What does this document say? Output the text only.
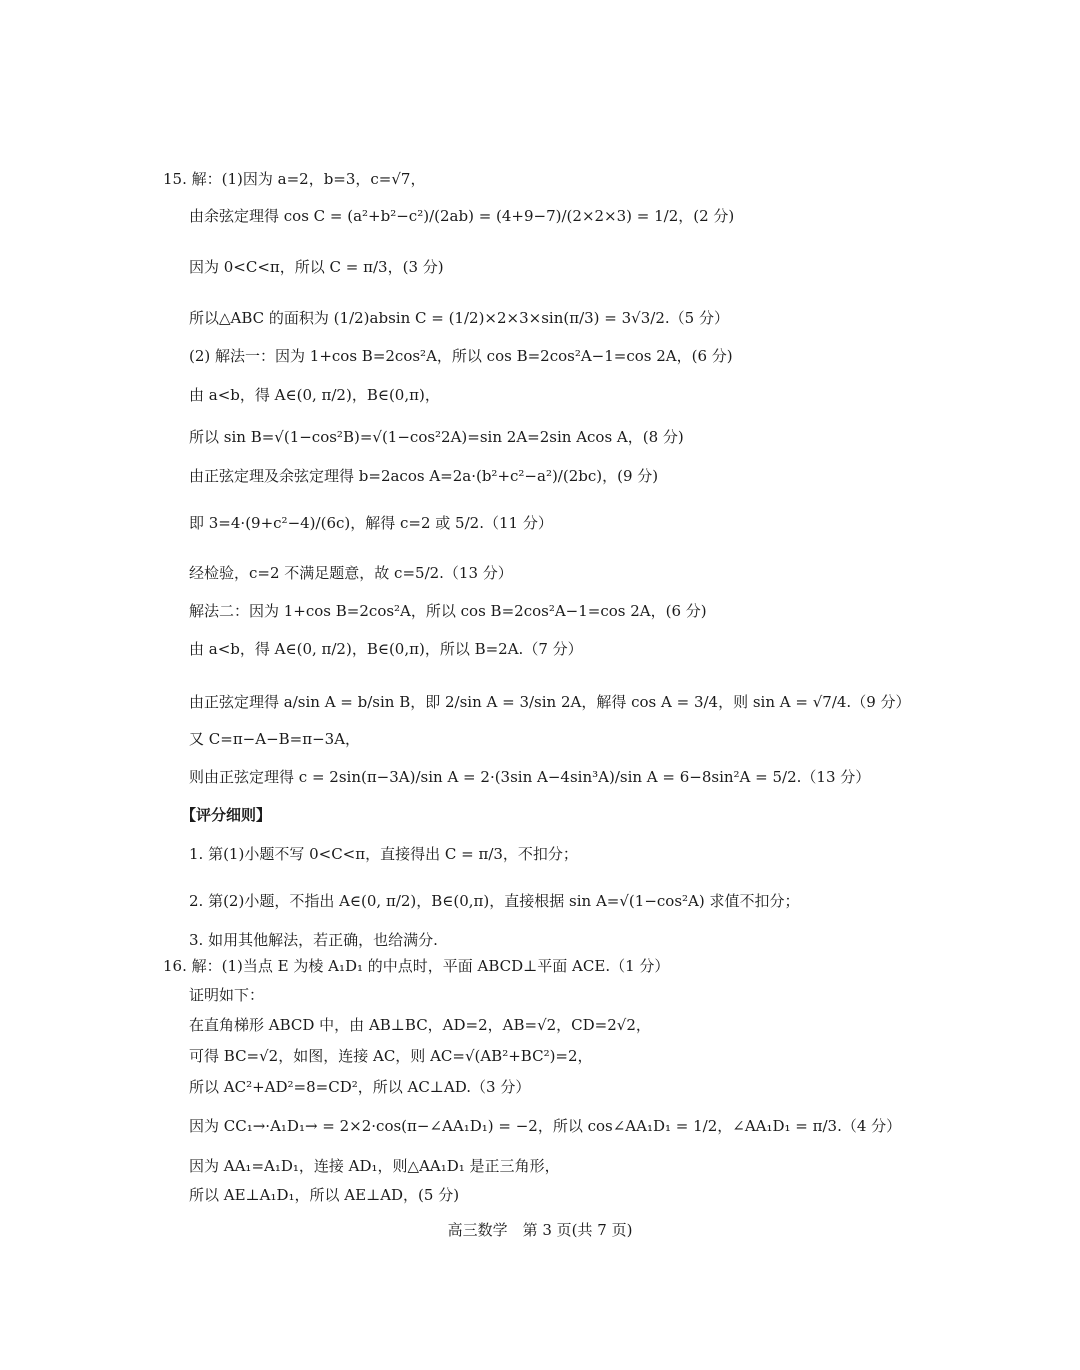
15. 解：(1)因为 a=2，b=3，c=√7，
由余弦定理得 cos C = (a²+b²−c²)/(2ab) = (4+9−7)/(2×2×3) = 1/2，(2 分)
因为 0<C<π，所以 C = π/3，(3 分)
所以△ABC 的面积为 (1/2)absin C = (1/2)×2×3×sin(π/3) = 3√3/2.（5 分）
(2) 解法一：因为 1+cos B=2cos²A，所以 cos B=2cos²A−1=cos 2A，(6 分)
由 a<b，得 A∈(0, π/2)，B∈(0,π)，
所以 sin B=√(1−cos²B)=√(1−cos²2A)=sin 2A=2sin Acos A，(8 分)
由正弦定理及余弦定理得 b=2acos A=2a·(b²+c²−a²)/(2bc)，(9 分)
即 3=4·(9+c²−4)/(6c)，解得 c=2 或 5/2.（11 分）
经检验，c=2 不满足题意，故 c=5/2.（13 分）
解法二：因为 1+cos B=2cos²A，所以 cos B=2cos²A−1=cos 2A，(6 分)
由 a<b，得 A∈(0, π/2)，B∈(0,π)，所以 B=2A.（7 分）
由正弦定理得 a/sin A = b/sin B，即 2/sin A = 3/sin 2A，解得 cos A = 3/4，则 sin A = √7/4.（9 分）
又 C=π−A−B=π−3A，
则由正弦定理得 c = 2sin(π−3A)/sin A = 2·(3sin A−4sin³A)/sin A = 6−8sin²A = 5/2.（13 分）
【评分细则】
1. 第(1)小题不写 0<C<π，直接得出 C = π/3，不扣分；
2. 第(2)小题，不指出 A∈(0, π/2)，B∈(0,π)，直接根据 sin A=√(1−cos²A) 求值不扣分；
3. 如用其他解法，若正确，也给满分.
16. 解：(1)当点 E 为棱 A₁D₁ 的中点时，平面 ABCD⊥平面 ACE.（1 分）
证明如下：
在直角梯形 ABCD 中，由 AB⊥BC，AD=2，AB=√2，CD=2√2，
可得 BC=√2，如图，连接 AC，则 AC=√(AB²+BC²)=2，
所以 AC²+AD²=8=CD²，所以 AC⊥AD.（3 分）
因为 CC₁→·A₁D₁→ = 2×2·cos(π−∠AA₁D₁) = −2，所以 cos∠AA₁D₁ = 1/2，∠AA₁D₁ = π/3.（4 分）
因为 AA₁=A₁D₁，连接 AD₁，则△AA₁D₁ 是正三角形，
所以 AE⊥A₁D₁，所以 AE⊥AD，(5 分)
高三数学　第 3 页(共 7 页)
